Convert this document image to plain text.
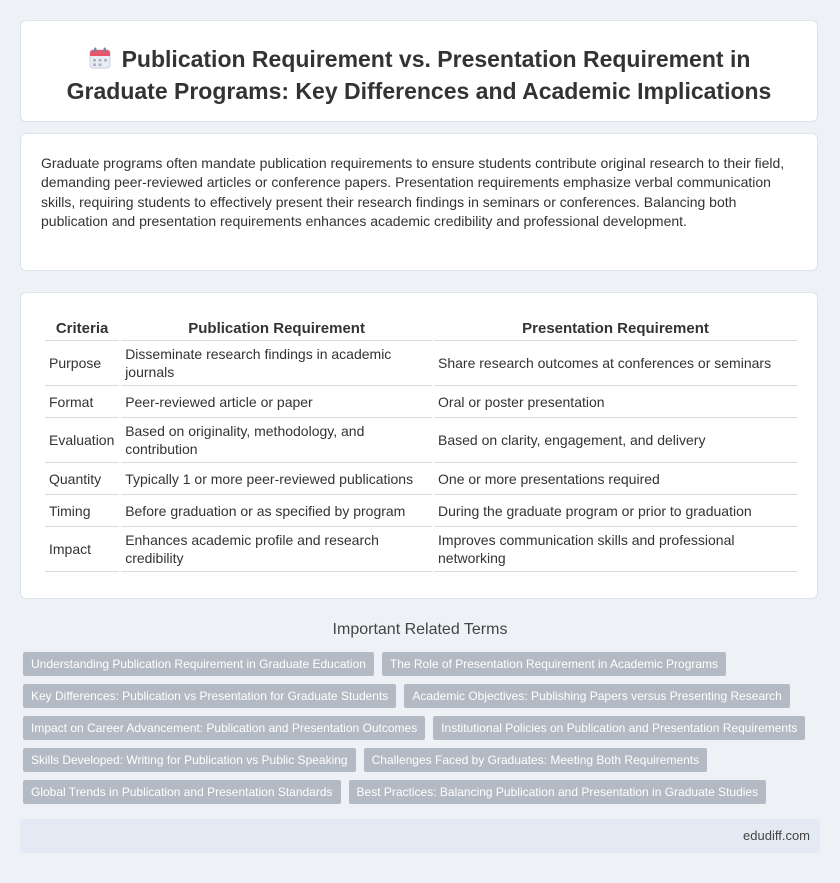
Publication Requirement vs. Presentation Requirement in Graduate Programs: Key Differences and Academic Implications

Graduate programs often mandate publication requirements to ensure students contribute original research to their field, demanding peer-reviewed articles or conference papers. Presentation requirements emphasize verbal communication skills, requiring students to effectively present their research findings in seminars or conferences. Balancing both publication and presentation requirements enhances academic credibility and professional development.

Criteria	Publication Requirement	Presentation Requirement
Purpose	Disseminate research findings in academic journals	Share research outcomes at conferences or seminars
Format	Peer-reviewed article or paper	Oral or poster presentation
Evaluation	Based on originality, methodology, and contribution	Based on clarity, engagement, and delivery
Quantity	Typically 1 or more peer-reviewed publications	One or more presentations required
Timing	Before graduation or as specified by program	During the graduate program or prior to graduation
Impact	Enhances academic profile and research credibility	Improves communication skills and professional networking
Important Related Terms
Understanding Publication Requirement in Graduate Education	The Role of Presentation Requirement in Academic Programs
Key Differences: Publication vs Presentation for Graduate Students	Academic Objectives: Publishing Papers versus Presenting Research
Impact on Career Advancement: Publication and Presentation Outcomes	Institutional Policies on Publication and Presentation Requirements
Skills Developed: Writing for Publication vs Public Speaking	Challenges Faced by Graduates: Meeting Both Requirements
Global Trends in Publication and Presentation Standards	Best Practices: Balancing Publication and Presentation in Graduate Studies
edudiff.com
